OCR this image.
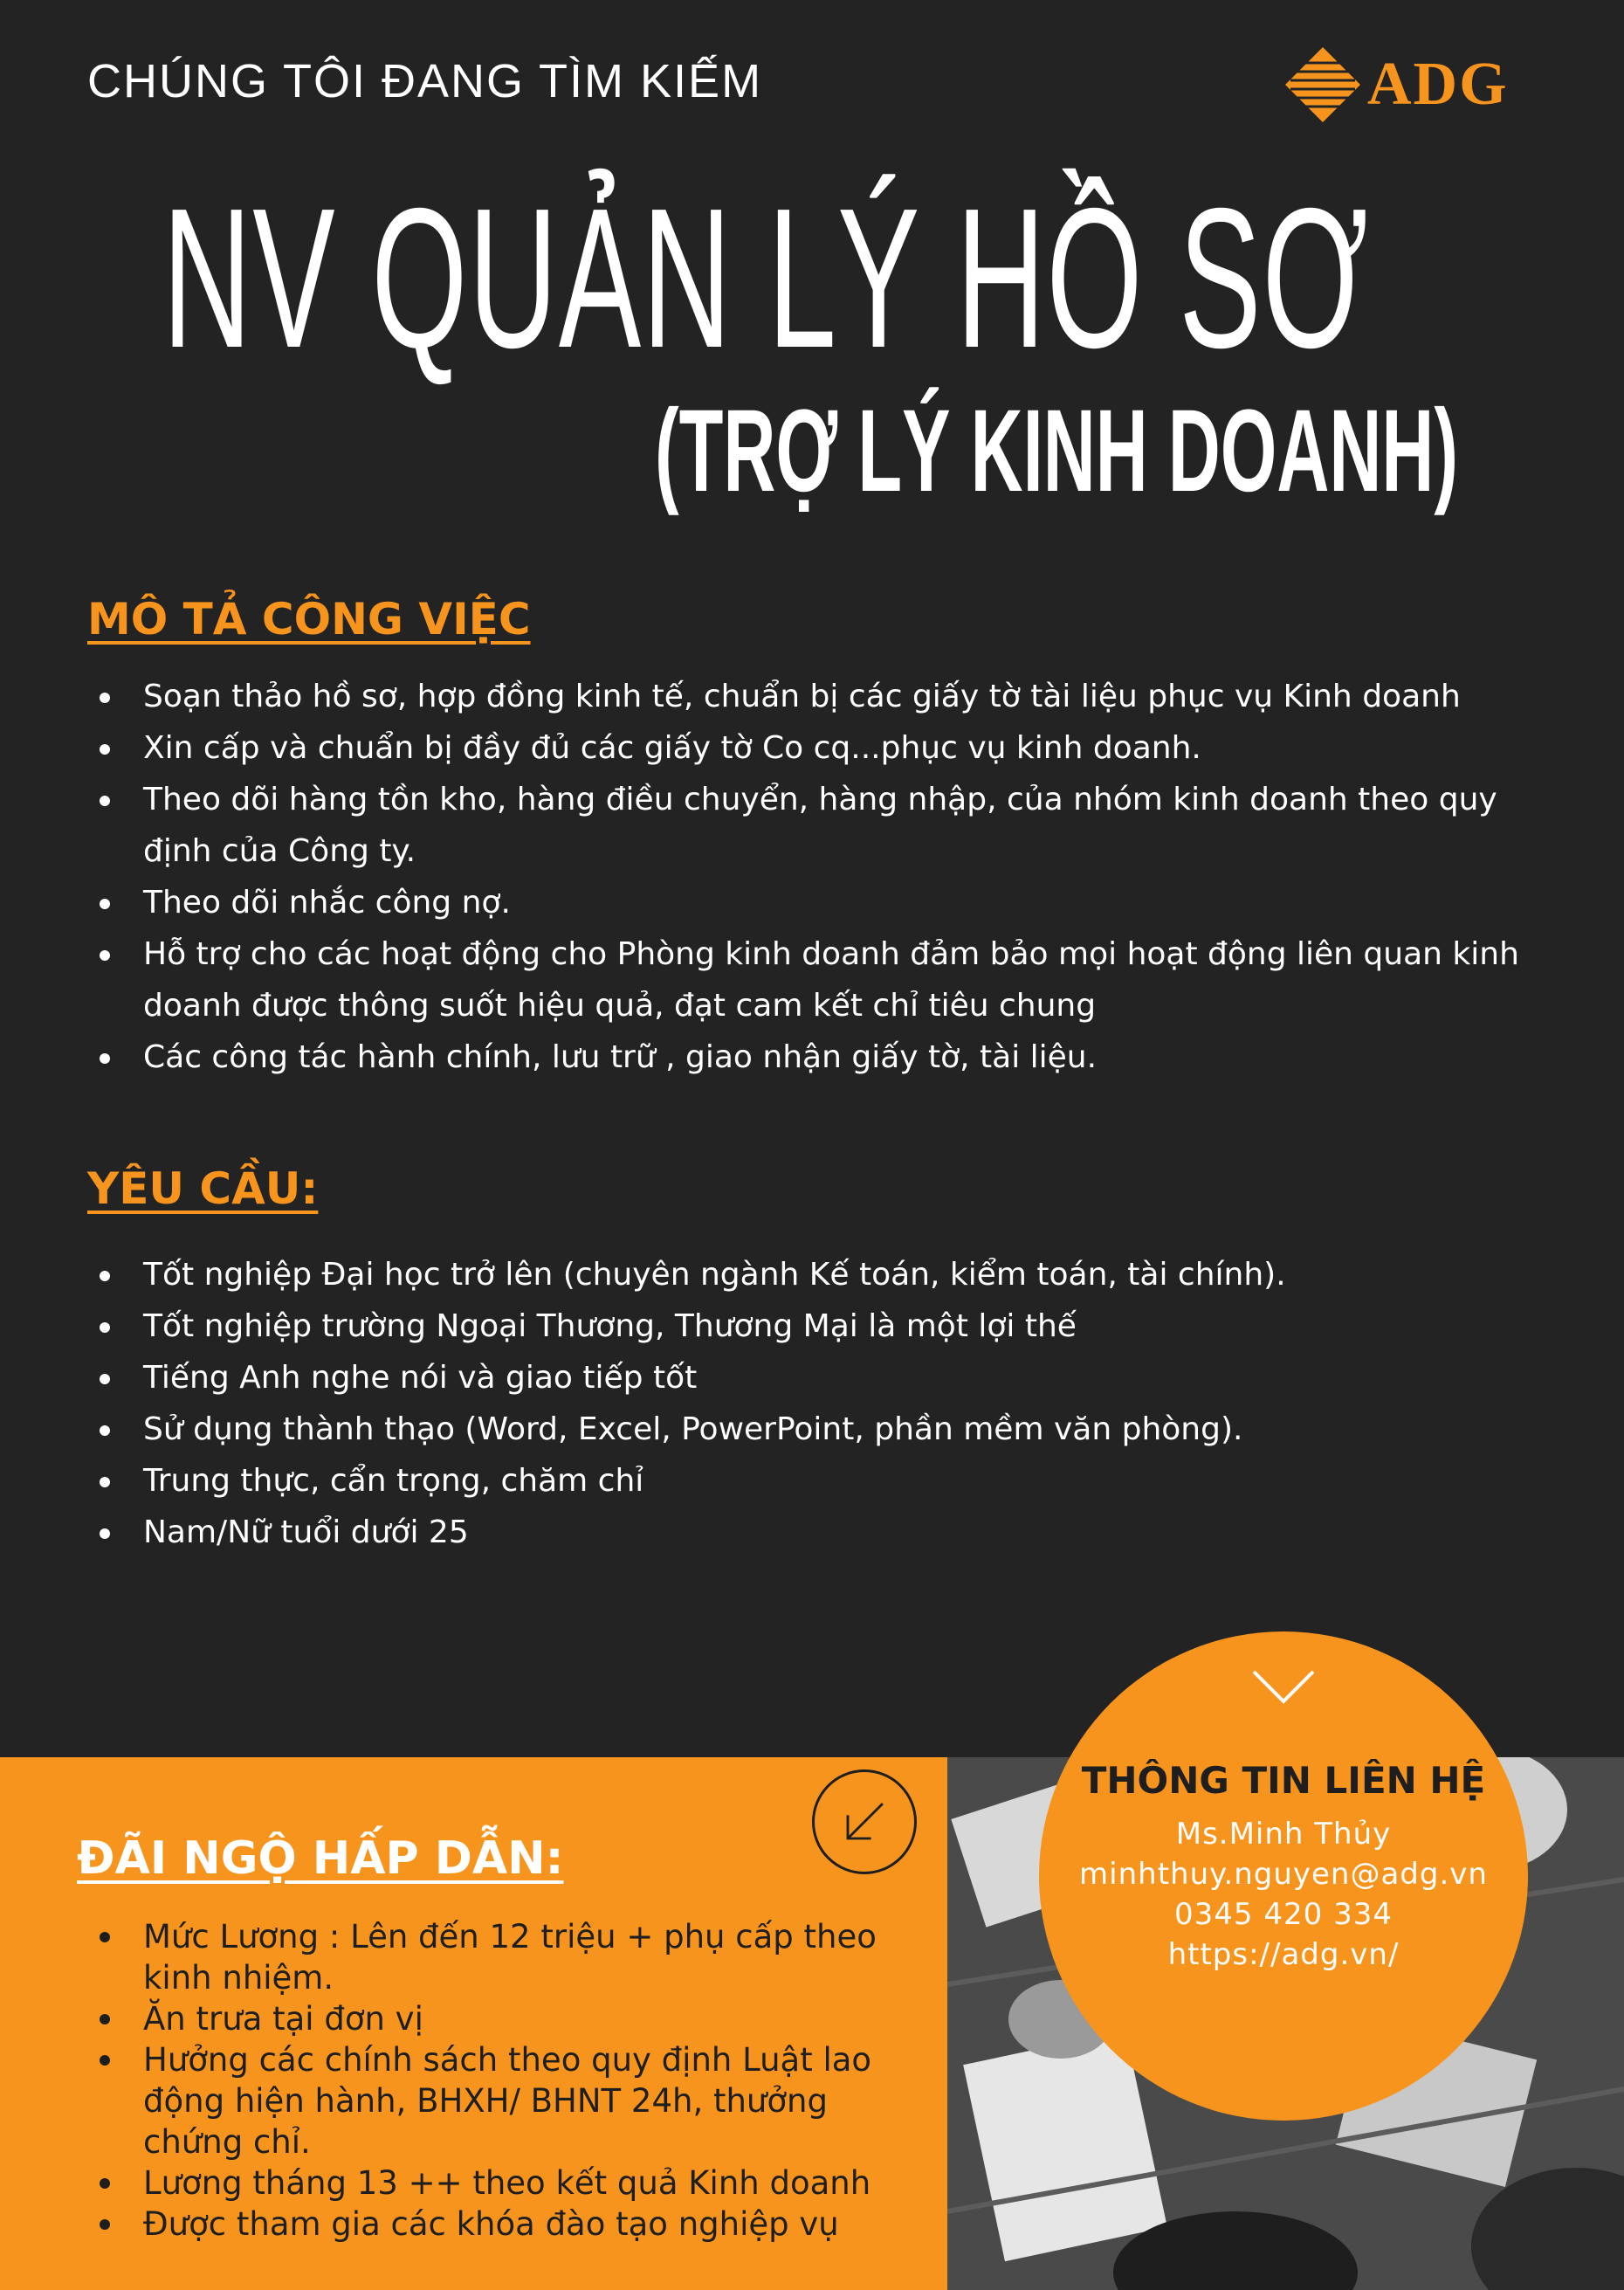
CHÚNG TÔI ĐANG TÌM KIẾM	ADG
NV QUẢN LÝ HỒ SƠ
(TRỢ LÝ KINH DOANH)
MÔ TẢ CÔNG VIỆC
Soạn thảo hồ sơ, hợp đồng kinh tế, chuẩn bị các giấy tờ tài liệu phục vụ Kinh doanh
Xin cấp và chuẩn bị đầy đủ các giấy tờ Co cq...phục vụ kinh doanh.
Theo dõi hàng tồn kho, hàng điều chuyển, hàng nhập, của nhóm kinh doanh theo quy định của Công ty.
Theo dõi nhắc công nợ.
Hỗ trợ cho các hoạt động cho Phòng kinh doanh đảm bảo mọi hoạt động liên quan kinh doanh được thông suốt hiệu quả, đạt cam kết chỉ tiêu chung
Các công tác hành chính, lưu trữ , giao nhận giấy tờ, tài liệu.
YÊU CẦU:
Tốt nghiệp Đại học trở lên (chuyên ngành Kế toán, kiểm toán, tài chính).
Tốt nghiệp trường Ngoại Thương, Thương Mại là một lợi thế
Tiếng Anh nghe nói và giao tiếp tốt
Sử dụng thành thạo (Word, Excel, PowerPoint, phần mềm văn phòng).
Trung thực, cẩn trọng, chăm chỉ
Nam/Nữ tuổi dưới 25
ĐÃI NGỘ HẤP DẪN:
Mức Lương : Lên đến 12 triệu + phụ cấp theo kinh nhiệm.
Ăn trưa tại đơn vị
Hưởng các chính sách theo quy định Luật lao động hiện hành, BHXH/ BHNT 24h, thưởng chứng chỉ.
Lương tháng 13 ++ theo kết quả Kinh doanh
Được tham gia các khóa đào tạo nghiệp vụ
THÔNG TIN LIÊN HỆ
Ms.Minh Thủy
minhthuy.nguyen@adg.vn
0345 420 334
https://adg.vn/
